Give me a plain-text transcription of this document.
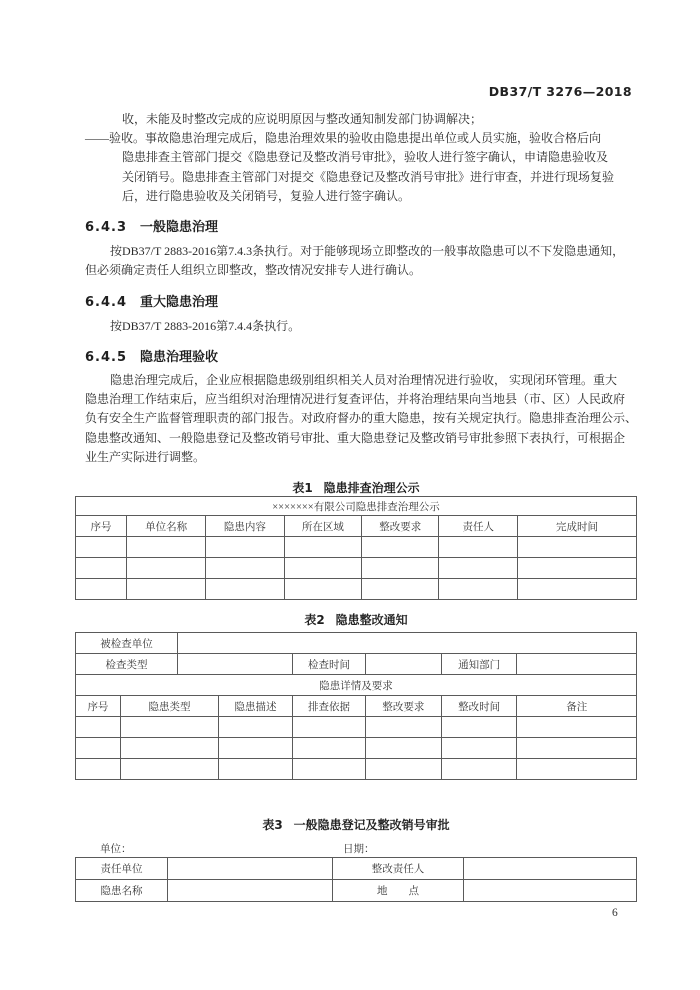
DB37/T 3276—2018
收，未能及时整改完成的应说明原因与整改通知制发部门协调解决；
——验收。事故隐患治理完成后，隐患治理效果的验收由隐患提出单位或人员实施，验收合格后向
隐患排查主管部门提交《隐患登记及整改消号审批》，验收人进行签字确认，申请隐患验收及
关闭销号。隐患排查主管部门对提交《隐患登记及整改消号审批》进行审查，并进行现场复验
后，进行隐患验收及关闭销号，复验人进行签字确认。
6.4.3 一般隐患治理
按DB37/T 2883-2016第7.4.3条执行。对于能够现场立即整改的一般事故隐患可以不下发隐患通知，
但必须确定责任人组织立即整改，整改情况安排专人进行确认。
6.4.4 重大隐患治理
按DB37/T 2883-2016第7.4.4条执行。
6.4.5 隐患治理验收
隐患治理完成后，企业应根据隐患级别组织相关人员对治理情况进行验收， 实现闭环管理。重大
隐患治理工作结束后，应当组织对治理情况进行复查评估，并将治理结果向当地县（市、区）人民政府
负有安全生产监督管理职责的部门报告。对政府督办的重大隐患，按有关规定执行。隐患排查治理公示、
隐患整改通知、一般隐患登记及整改销号审批、重大隐患登记及整改销号审批参照下表执行，可根据企
业生产实际进行调整。
表1 隐患排查治理公示
×××××××有限公司隐患排查治理公示						
序号	单位名称	隐患内容	所在区域	整改要求	责任人	完成时间

表2 隐患整改通知
被检查单位							
检查类型				检查时间		通知部门	
隐患详情及要求							
序号	隐患类型		隐患描述	排查依据	整改要求	整改时间	备注

表3 一般隐患登记及整改销号审批
单位：	日期：
责任单位		整改责任人	
隐患名称		地　　点	
6
